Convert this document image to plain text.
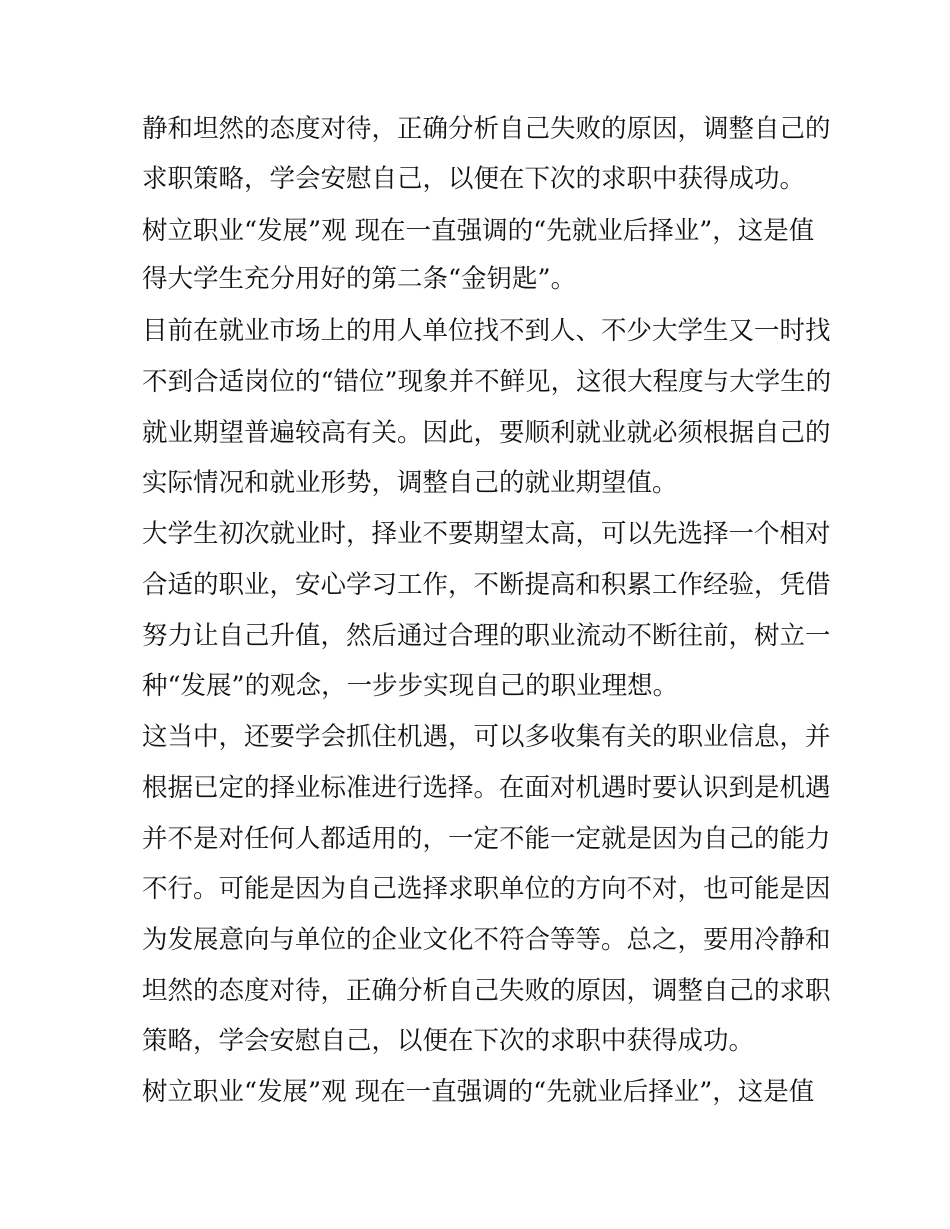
静和坦然的态度对待，正确分析自己失败的原因，调整自己的
求职策略，学会安慰自己，以便在下次的求职中获得成功。
树立职业“发展”观 现在一直强调的“先就业后择业”，这是值
得大学生充分用好的第二条“金钥匙”。
目前在就业市场上的用人单位找不到人、不少大学生又一时找
不到合适岗位的“错位”现象并不鲜见，这很大程度与大学生的
就业期望普遍较高有关。因此，要顺利就业就必须根据自己的
实际情况和就业形势，调整自己的就业期望值。
大学生初次就业时，择业不要期望太高，可以先选择一个相对
合适的职业，安心学习工作，不断提高和积累工作经验，凭借
努力让自己升值，然后通过合理的职业流动不断往前，树立一
种“发展”的观念，一步步实现自己的职业理想。
这当中，还要学会抓住机遇，可以多收集有关的职业信息，并
根据已定的择业标准进行选择。在面对机遇时要认识到是机遇
并不是对任何人都适用的，一定不能一定就是因为自己的能力
不行。可能是因为自己选择求职单位的方向不对，也可能是因
为发展意向与单位的企业文化不符合等等。总之，要用冷静和
坦然的态度对待，正确分析自己失败的原因，调整自己的求职
策略，学会安慰自己，以便在下次的求职中获得成功。
树立职业“发展”观 现在一直强调的“先就业后择业”，这是值
